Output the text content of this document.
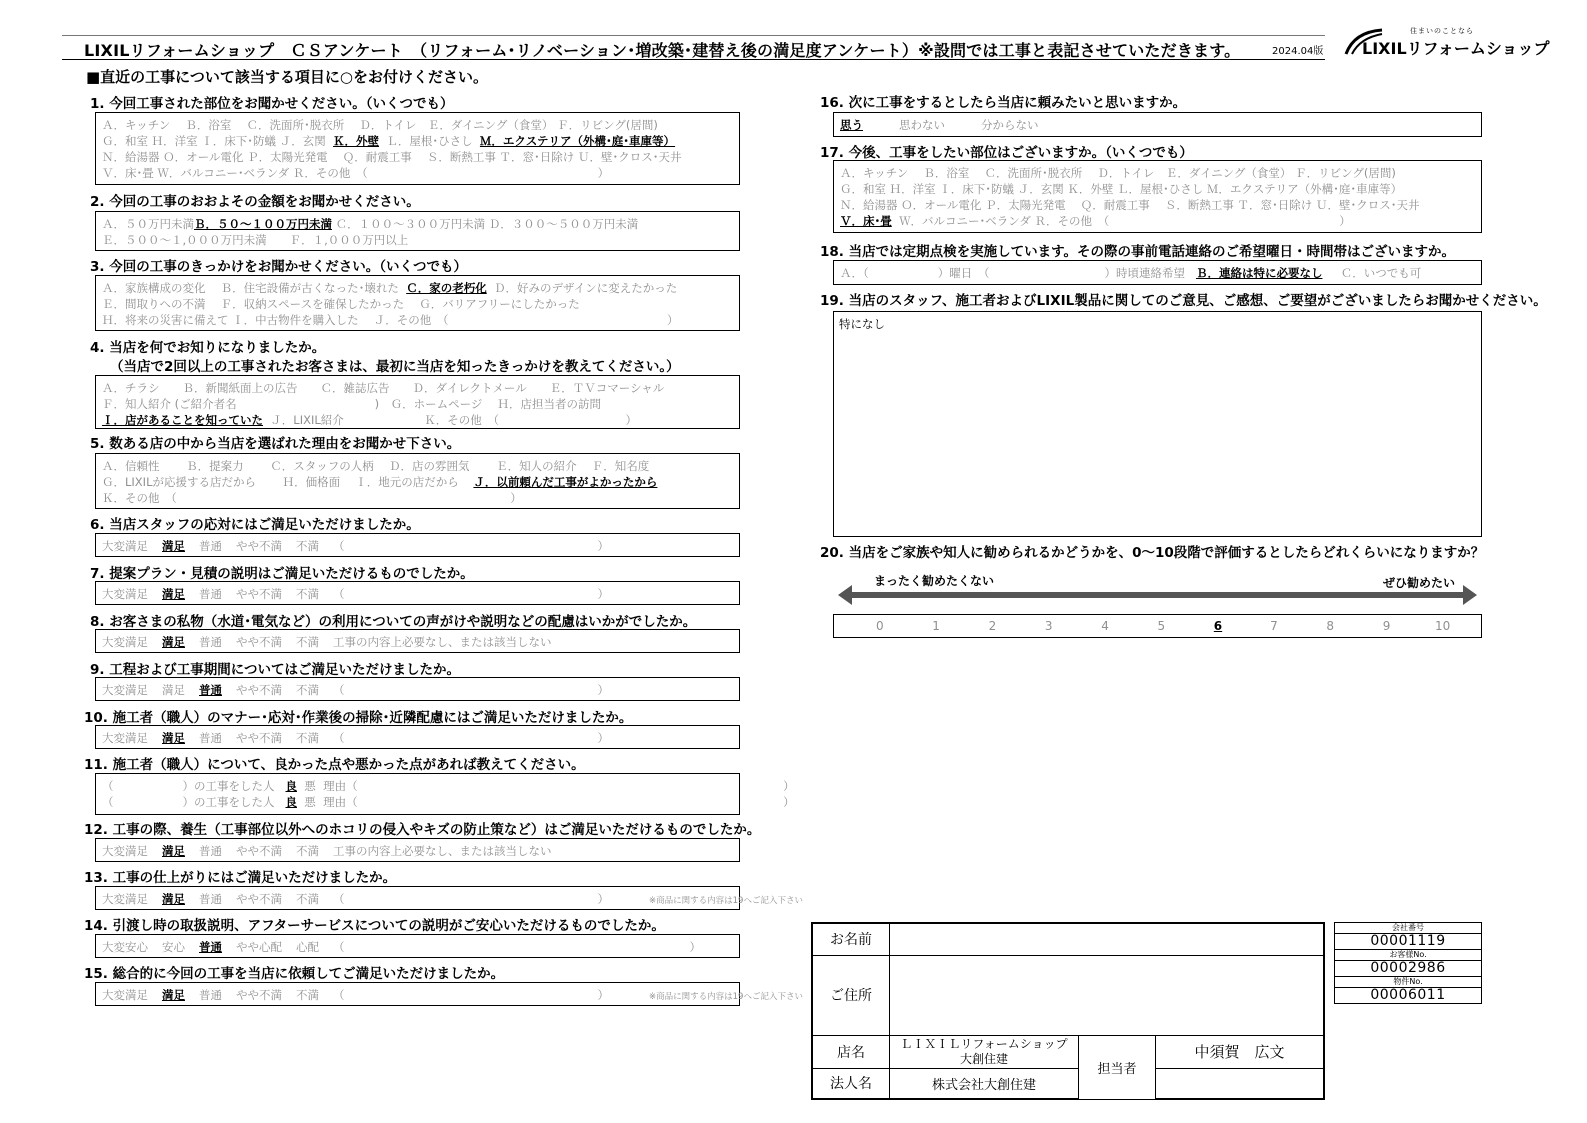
LIXILリフォームショップ　ＣＳアンケート　（リフォーム･リノベーション･増改築･建替え後の満足度アンケート）※設問では工事と表記させていただきます。	2024.04版
住まいのことなら
LIXILリフォームショップ
■直近の工事について該当する項目に○をお付けください。
1. 今回工事された部位をお聞かせください。（いくつでも）
Ａ．キッチン　 Ｂ．浴室　 Ｃ．洗面所･脱衣所　 Ｄ．トイレ　Ｅ．ダイニング（食堂） Ｆ．リビング(居間)
Ｇ．和室 Ｈ．洋室 Ｉ．床下･防蟻 Ｊ．玄関 Ｋ．外壁 Ｌ．屋根･ひさし Ｍ．エクステリア（外構･庭･車庫等）
Ｎ．給湯器 Ｏ．オール電化 Ｐ．太陽光発電　 Ｑ．耐震工事　 Ｓ．断熱工事 Ｔ．窓･日除け Ｕ．壁･クロス･天井
Ｖ．床･畳 Ｗ．バルコニー･ベランダ Ｒ．その他　（　　　　　　　　　　　　　　　　　　　　）
2. 今回の工事のおおよその金額をお聞かせください。
Ａ．５０万円未満Ｂ．５０～１００万円未満 Ｃ．１００～３００万円未満 Ｄ．３００～５００万円未満
Ｅ．５００～１,０００万円未満　　Ｆ．１,０００万円以上
3. 今回の工事のきっかけをお聞かせください。（いくつでも）
Ａ．家族構成の変化　 Ｂ．住宅設備が古くなった･壊れた Ｃ．家の老朽化 Ｄ．好みのデザインに変えたかった
Ｅ．間取りへの不満　 Ｆ．収納スペースを確保したかった　 Ｇ．バリアフリーにしたかった
Ｈ．将来の災害に備えて Ｉ．中古物件を購入した　 Ｊ．その他　（　　　　　　　　　　　　　　　　　　　）
4. 当店を何でお知りになりましたか。
（当店で2回以上の工事されたお客さまは、最初に当店を知ったきっかけを教えてください。）
Ａ．チラシ　　Ｂ．新聞紙面上の広告　　Ｃ．雑誌広告　　Ｄ．ダイレクトメール　　Ｅ．ＴＶコマーシャル
Ｆ．知人紹介 (ご紹介者名　　　　　　　　　　　　)　Ｇ．ホームページ　 Ｈ．店担当者の訪問
Ｉ．店があることを知っていた Ｊ．LIXIL紹介　　　　　　　Ｋ．その他　（　　　　　　　　　　　）
5. 数ある店の中から当店を選ばれた理由をお聞かせ下さい。
Ａ．信頼性　　 Ｂ．提案力　　 Ｃ．スタッフの人柄　 Ｄ．店の雰囲気　　 Ｅ．知人の紹介　 Ｆ．知名度
Ｇ．LIXILが応援する店だから　　 Ｈ．価格面　 Ｉ．地元の店だから Ｊ．以前頼んだ工事がよかったから
Ｋ．その他　（　　　　　　　　　　　　　　　　　　　　　　　　　　　　　）
6. 当店スタッフの応対にはご満足いただけましたか。
大変満足 満足 普通 やや不満 不満 （　　　　　　　　　　　　　　　　　　　　　　）
7. 提案プラン・見積の説明はご満足いただけるものでしたか。
大変満足 満足 普通 やや不満 不満 （　　　　　　　　　　　　　　　　　　　　　　）
8. お客さまの私物（水道･電気など）の利用についての声がけや説明などの配慮はいかがでしたか。
大変満足 満足 普通 やや不満 不満 工事の内容上必要なし、または該当しない
9. 工程および工事期間についてはご満足いただけましたか。
大変満足 満足 普通 やや不満 不満 （　　　　　　　　　　　　　　　　　　　　　　）
10. 施工者（職人）のマナー･応対･作業後の掃除･近隣配慮にはご満足いただけましたか。
大変満足 満足 普通 やや不満 不満 （　　　　　　　　　　　　　　　　　　　　　　）
11. 施工者（職人）について、良かった点や悪かった点があれば教えてください。
（　　　　　　）の工事をした人 良 悪 理由（　　　　　　　　　　　　　　　　　　　　　　　　　　　　　　　　　　　　　）
（　　　　　　）の工事をした人 良 悪 理由（　　　　　　　　　　　　　　　　　　　　　　　　　　　　　　　　　　　　　）
12. 工事の際、養生（工事部位以外へのホコリの侵入やキズの防止策など）はご満足いただけるものでしたか。
大変満足 満足 普通 やや不満 不満 工事の内容上必要なし、または該当しない
13. 工事の仕上がりにはご満足いただけましたか。
大変満足 満足 普通 やや不満 不満 （　　　　　　　　　　　　　　　　　　　　　　）	※商品に関する内容は19へご記入下さい
14. 引渡し時の取扱説明、アフターサービスについての説明がご安心いただけるものでしたか。
大変安心 安心 普通 やや心配 心配 （　　　　　　　　　　　　　　　　　　　　　　　　　　　　　　）
15. 総合的に今回の工事を当店に依頼してご満足いただけましたか。
大変満足 満足 普通 やや不満 不満 （　　　　　　　　　　　　　　　　　　　　　　）	※商品に関する内容は19へご記入下さい
16. 次に工事をするとしたら当店に頼みたいと思いますか。
思う	思わない	分からない
17. 今後、工事をしたい部位はございますか。（いくつでも）
Ａ．キッチン　 Ｂ．浴室　 Ｃ．洗面所･脱衣所　 Ｄ．トイレ　Ｅ．ダイニング（食堂） Ｆ．リビング(居間)
Ｇ．和室 Ｈ．洋室 Ｉ．床下･防蟻 Ｊ．玄関 Ｋ．外壁 Ｌ．屋根･ひさし Ｍ．エクステリア（外構･庭･車庫等）
Ｎ．給湯器 Ｏ．オール電化 Ｐ．太陽光発電　 Ｑ．耐震工事　 Ｓ．断熱工事 Ｔ．窓･日除け Ｕ．壁･クロス･天井
Ｖ．床･畳 Ｗ．バルコニー･ベランダ Ｒ．その他　（　　　　　　　　　　　　　　　　　　　　）
18. 当店では定期点検を実施しています。その際の事前電話連絡のご希望曜日・時間帯はございますか。
Ａ．（　　　　　　）曜日　（　　　　　　　　　　）時頃連絡希望 Ｂ．連絡は特に必要なし Ｃ．いつでも可
19. 当店のスタッフ、施工者およびLIXIL製品に関してのご意見、ご感想、ご要望がございましたらお聞かせください。
特になし
20. 当店をご家族や知人に勧められるかどうかを、0～10段階で評価するとしたらどれくらいになりますか？
まったく勧めたくない	ぜひ勧めたい
0	1	2	3	4	5	6	7	8	9	10
お名前			
ご住所			
店名	ＬＩＸＩＬリフォームショップ
大創住建	担当者	中須賀　広文
法人名	株式会社大創住建		
会社番号
00001119
お客様No.
00002986
物件No.
00006011
